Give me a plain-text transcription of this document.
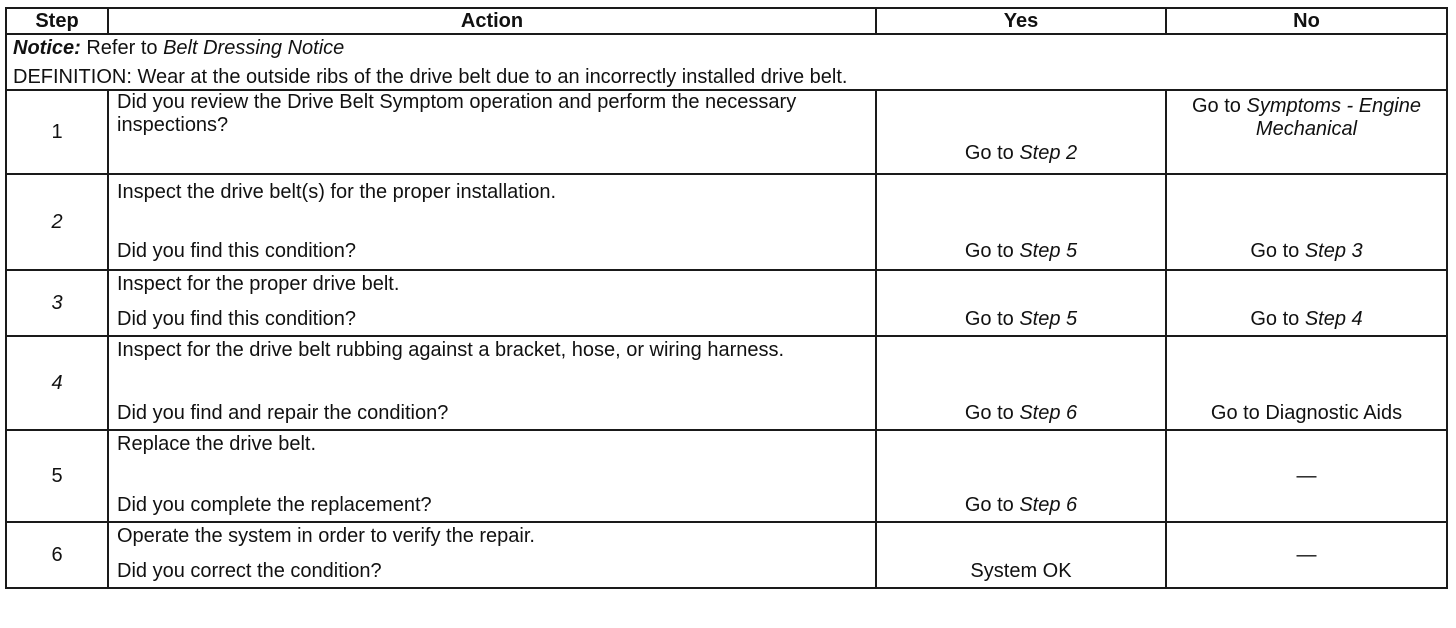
Step	Action	Yes	No

Notice: Refer to Belt Dressing Notice
DEFINITION: Wear at the outside ribs of the drive belt due to an incorrectly installed drive belt.			

1	Did you review the Drive Belt Symptom operation and perform the necessary inspections?	Go to Step 2	Go to Symptoms - Engine Mechanical

2	Inspect the drive belt(s) for the proper installation.
Did you find this condition?	Go to Step 5	Go to Step 3

3	Inspect for the proper drive belt.
Did you find this condition?	Go to Step 5	Go to Step 4

4	Inspect for the drive belt rubbing against a bracket, hose, or wiring harness.
Did you find and repair the condition?	Go to Step 6	Go to Diagnostic Aids

5	Replace the drive belt.
Did you complete the replacement?	Go to Step 6	—

6	Operate the system in order to verify the repair.
Did you correct the condition?	System OK	—
